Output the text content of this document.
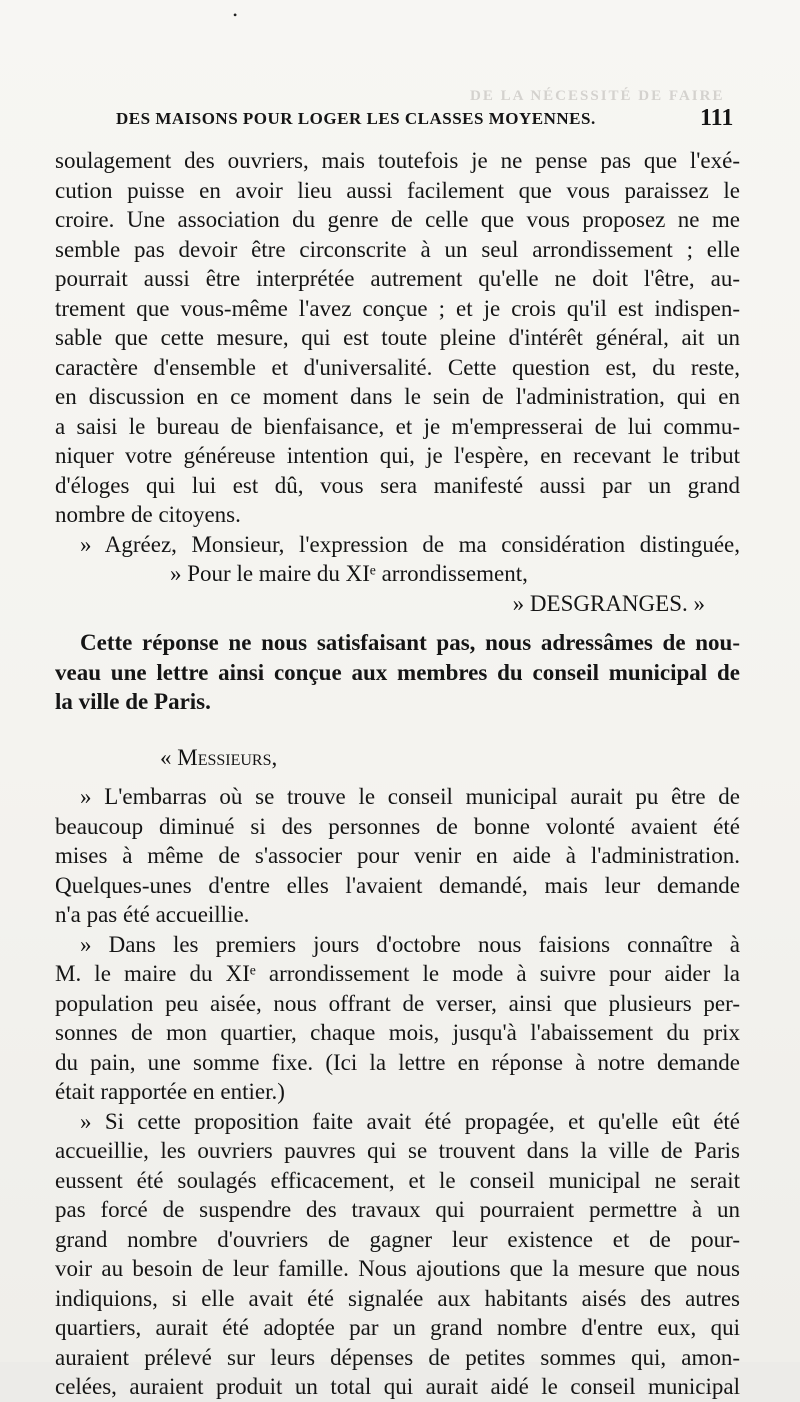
•
DE LA NÉCESSITÉ DE FAIRE
DES MAISONS POUR LOGER LES CLASSES MOYENNES.	111
soulagement des ouvriers, mais toutefois je ne pense pas que l'exé-
cution puisse en avoir lieu aussi facilement que vous paraissez le
croire. Une association du genre de celle que vous proposez ne me
semble pas devoir être circonscrite à un seul arrondissement ; elle
pourrait aussi être interprétée autrement qu'elle ne doit l'être, au-
trement que vous-même l'avez conçue ; et je crois qu'il est indispen-
sable que cette mesure, qui est toute pleine d'intérêt général, ait un
caractère d'ensemble et d'universalité. Cette question est, du reste,
en discussion en ce moment dans le sein de l'administration, qui en
a saisi le bureau de bienfaisance, et je m'empresserai de lui commu-
niquer votre généreuse intention qui, je l'espère, en recevant le tribut
d'éloges qui lui est dû, vous sera manifesté aussi par un grand
nombre de citoyens.
» Agréez, Monsieur, l'expression de ma considération distinguée,
» Pour le maire du XIᵉ arrondissement,
» DESGRANGES. »
Cette réponse ne nous satisfaisant pas, nous adressâmes de nou-
veau une lettre ainsi conçue aux membres du conseil municipal de
la ville de Paris.
« Messieurs,
» L'embarras où se trouve le conseil municipal aurait pu être de
beaucoup diminué si des personnes de bonne volonté avaient été
mises à même de s'associer pour venir en aide à l'administration.
Quelques-unes d'entre elles l'avaient demandé, mais leur demande
n'a pas été accueillie.
» Dans les premiers jours d'octobre nous faisions connaître à
M. le maire du XIᵉ arrondissement le mode à suivre pour aider la
population peu aisée, nous offrant de verser, ainsi que plusieurs per-
sonnes de mon quartier, chaque mois, jusqu'à l'abaissement du prix
du pain, une somme fixe. (Ici la lettre en réponse à notre demande
était rapportée en entier.)
» Si cette proposition faite avait été propagée, et qu'elle eût été
accueillie, les ouvriers pauvres qui se trouvent dans la ville de Paris
eussent été soulagés efficacement, et le conseil municipal ne serait
pas forcé de suspendre des travaux qui pourraient permettre à un
grand nombre d'ouvriers de gagner leur existence et de pour-
voir au besoin de leur famille. Nous ajoutions que la mesure que nous
indiquions, si elle avait été signalée aux habitants aisés des autres
quartiers, aurait été adoptée par un grand nombre d'entre eux, qui
auraient prélevé sur leurs dépenses de petites sommes qui, amon-
celées, auraient produit un total qui aurait aidé le conseil municipal
